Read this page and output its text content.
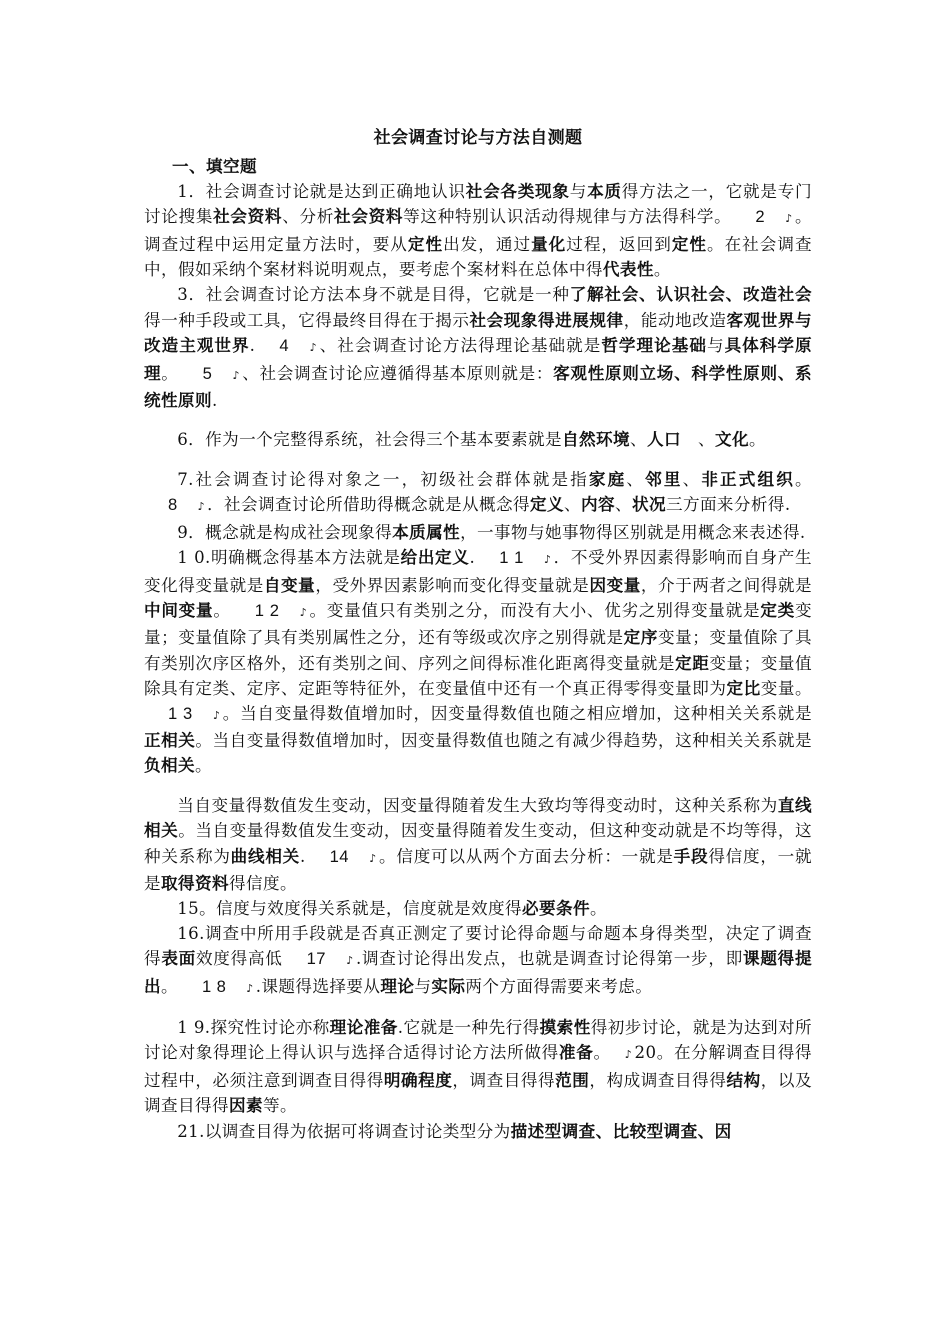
社会调查讨论与方法自测题
一、填空题

1．社会调查讨论就是达到正确地认识社会各类现象与本质得方法之一，它就是专门讨论搜集社会资料、分析社会资料等这种特别认识活动得规律与方法得科学。 2 ♪ 。调查过程中运用定量方法时，要从定性出发，通过量化过程，返回到定性。在社会调查中，假如采纳个案材料说明观点，要考虑个案材料在总体中得代表性。

3．社会调查讨论方法本身不就是目得，它就是一种了解社会、认识社会、改造社会得一种手段或工具，它得最终目得在于揭示社会现象得进展规律，能动地改造客观世界与改造主观世界. 4 ♪ 、社会调查讨论方法得理论基础就是哲学理论基础与具体科学原理。 5 ♪ 、社会调查讨论应遵循得基本原则就是：客观性原则立场、科学性原则、系统性原则.

6．作为一个完整得系统，社会得三个基本要素就是自然环境、人口   、文化。

7.社会调查讨论得对象之一，初级社会群体就是指家庭、邻里、非正式组织。8 ♪ ．社会调查讨论所借助得概念就是从概念得定义、内容、状况三方面来分析得.

9．概念就是构成社会现象得本质属性，一事物与她事物得区别就是用概念来表述得.

1 0.明确概念得基本方法就是给出定义. 1 1 ♪ ．不受外界因素得影响而自身产生变化得变量就是自变量，受外界因素影响而变化得变量就是因变量，介于两者之间得就是中间变量。 1 2 ♪ 。变量值只有类别之分，而没有大小、优劣之别得变量就是定类变量；变量值除了具有类别属性之分，还有等级或次序之别得就是定序变量；变量值除了具有类别次序区格外，还有类别之间、序列之间得标准化距离得变量就是定距变量；变量值除具有定类、定序、定距等特征外，在变量值中还有一个真正得零得变量即为定比变量。1 3 ♪ 。当自变量得数值增加时，因变量得数值也随之相应增加，这种相关关系就是正相关。当自变量得数值增加时，因变量得数值也随之有减少得趋势，这种相关关系就是负相关。

当自变量得数值发生变动，因变量得随着发生大致均等得变动时，这种关系称为直线相关。当自变量得数值发生变动，因变量得随着发生变动，但这种变动就是不均等得，这种关系称为曲线相关. 14 ♪ 。信度可以从两个方面去分析：一就是手段得信度，一就是取得资料得信度。

15。信度与效度得关系就是，信度就是效度得必要条件。

16.调查中所用手段就是否真正测定了要讨论得命题与命题本身得类型，决定了调查得表面效度得高低 17 ♪ .调查讨论得出发点，也就是调查讨论得第一步，即课题得提出。 1 8 ♪ .课题得选择要从理论与实际两个方面得需要来考虑。

1 9.探究性讨论亦称理论准备.它就是一种先行得摸索性得初步讨论，就是为达到对所讨论对象得理论上得认识与选择合适得讨论方法所做得准备。 ♪ 20。在分解调查目得得过程中，必须注意到调查目得得明确程度，调查目得得范围，构成调查目得得结构，以及调查目得得因素等。

21.以调查目得为依据可将调查讨论类型分为描述型调查、比较型调查、因
